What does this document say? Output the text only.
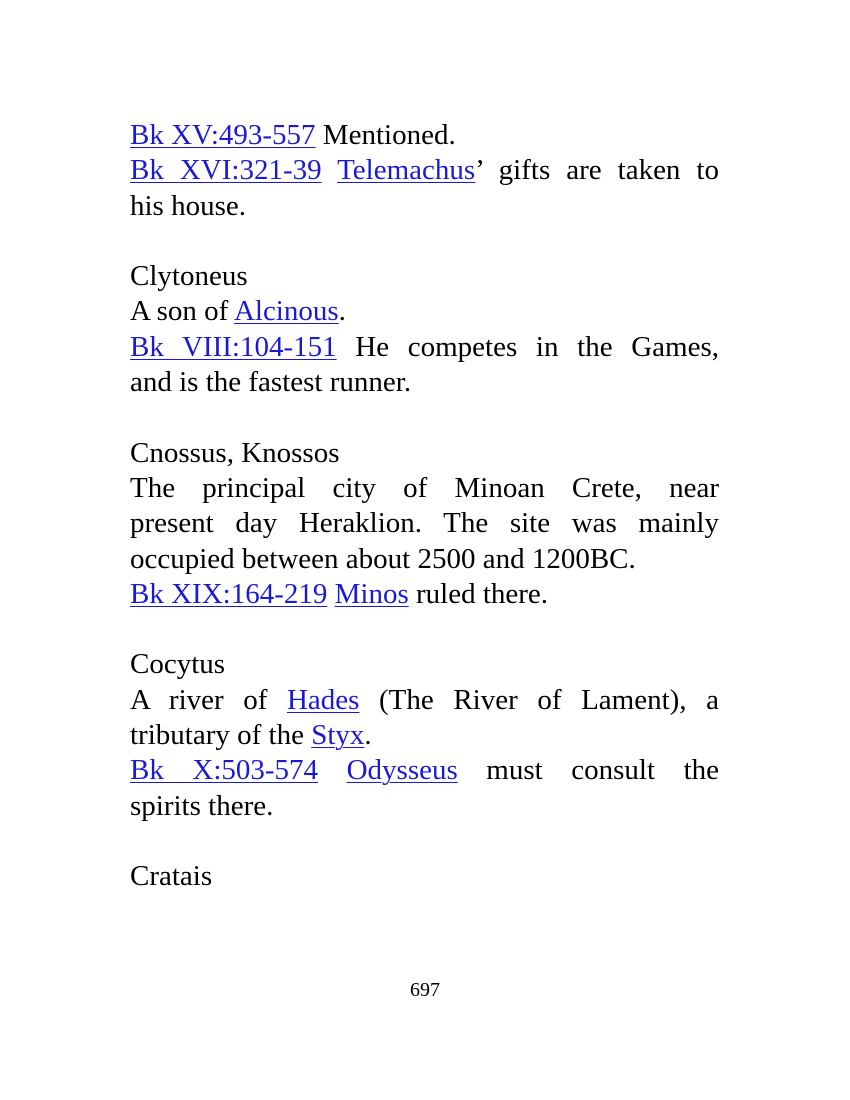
Bk XV:493-557 Mentioned.
Bk XVI:321-39 Telemachus’ gifts are taken to
his house.
Clytoneus
A son of Alcinous.
Bk VIII:104-151 He competes in the Games,
and is the fastest runner.
Cnossus, Knossos
The principal city of Minoan Crete, near
present day Heraklion. The site was mainly
occupied between about 2500 and 1200BC.
Bk XIX:164-219 Minos ruled there.
Cocytus
A river of Hades (The River of Lament), a
tributary of the Styx.
Bk X:503-574 Odysseus must consult the
spirits there.
Cratais
697
